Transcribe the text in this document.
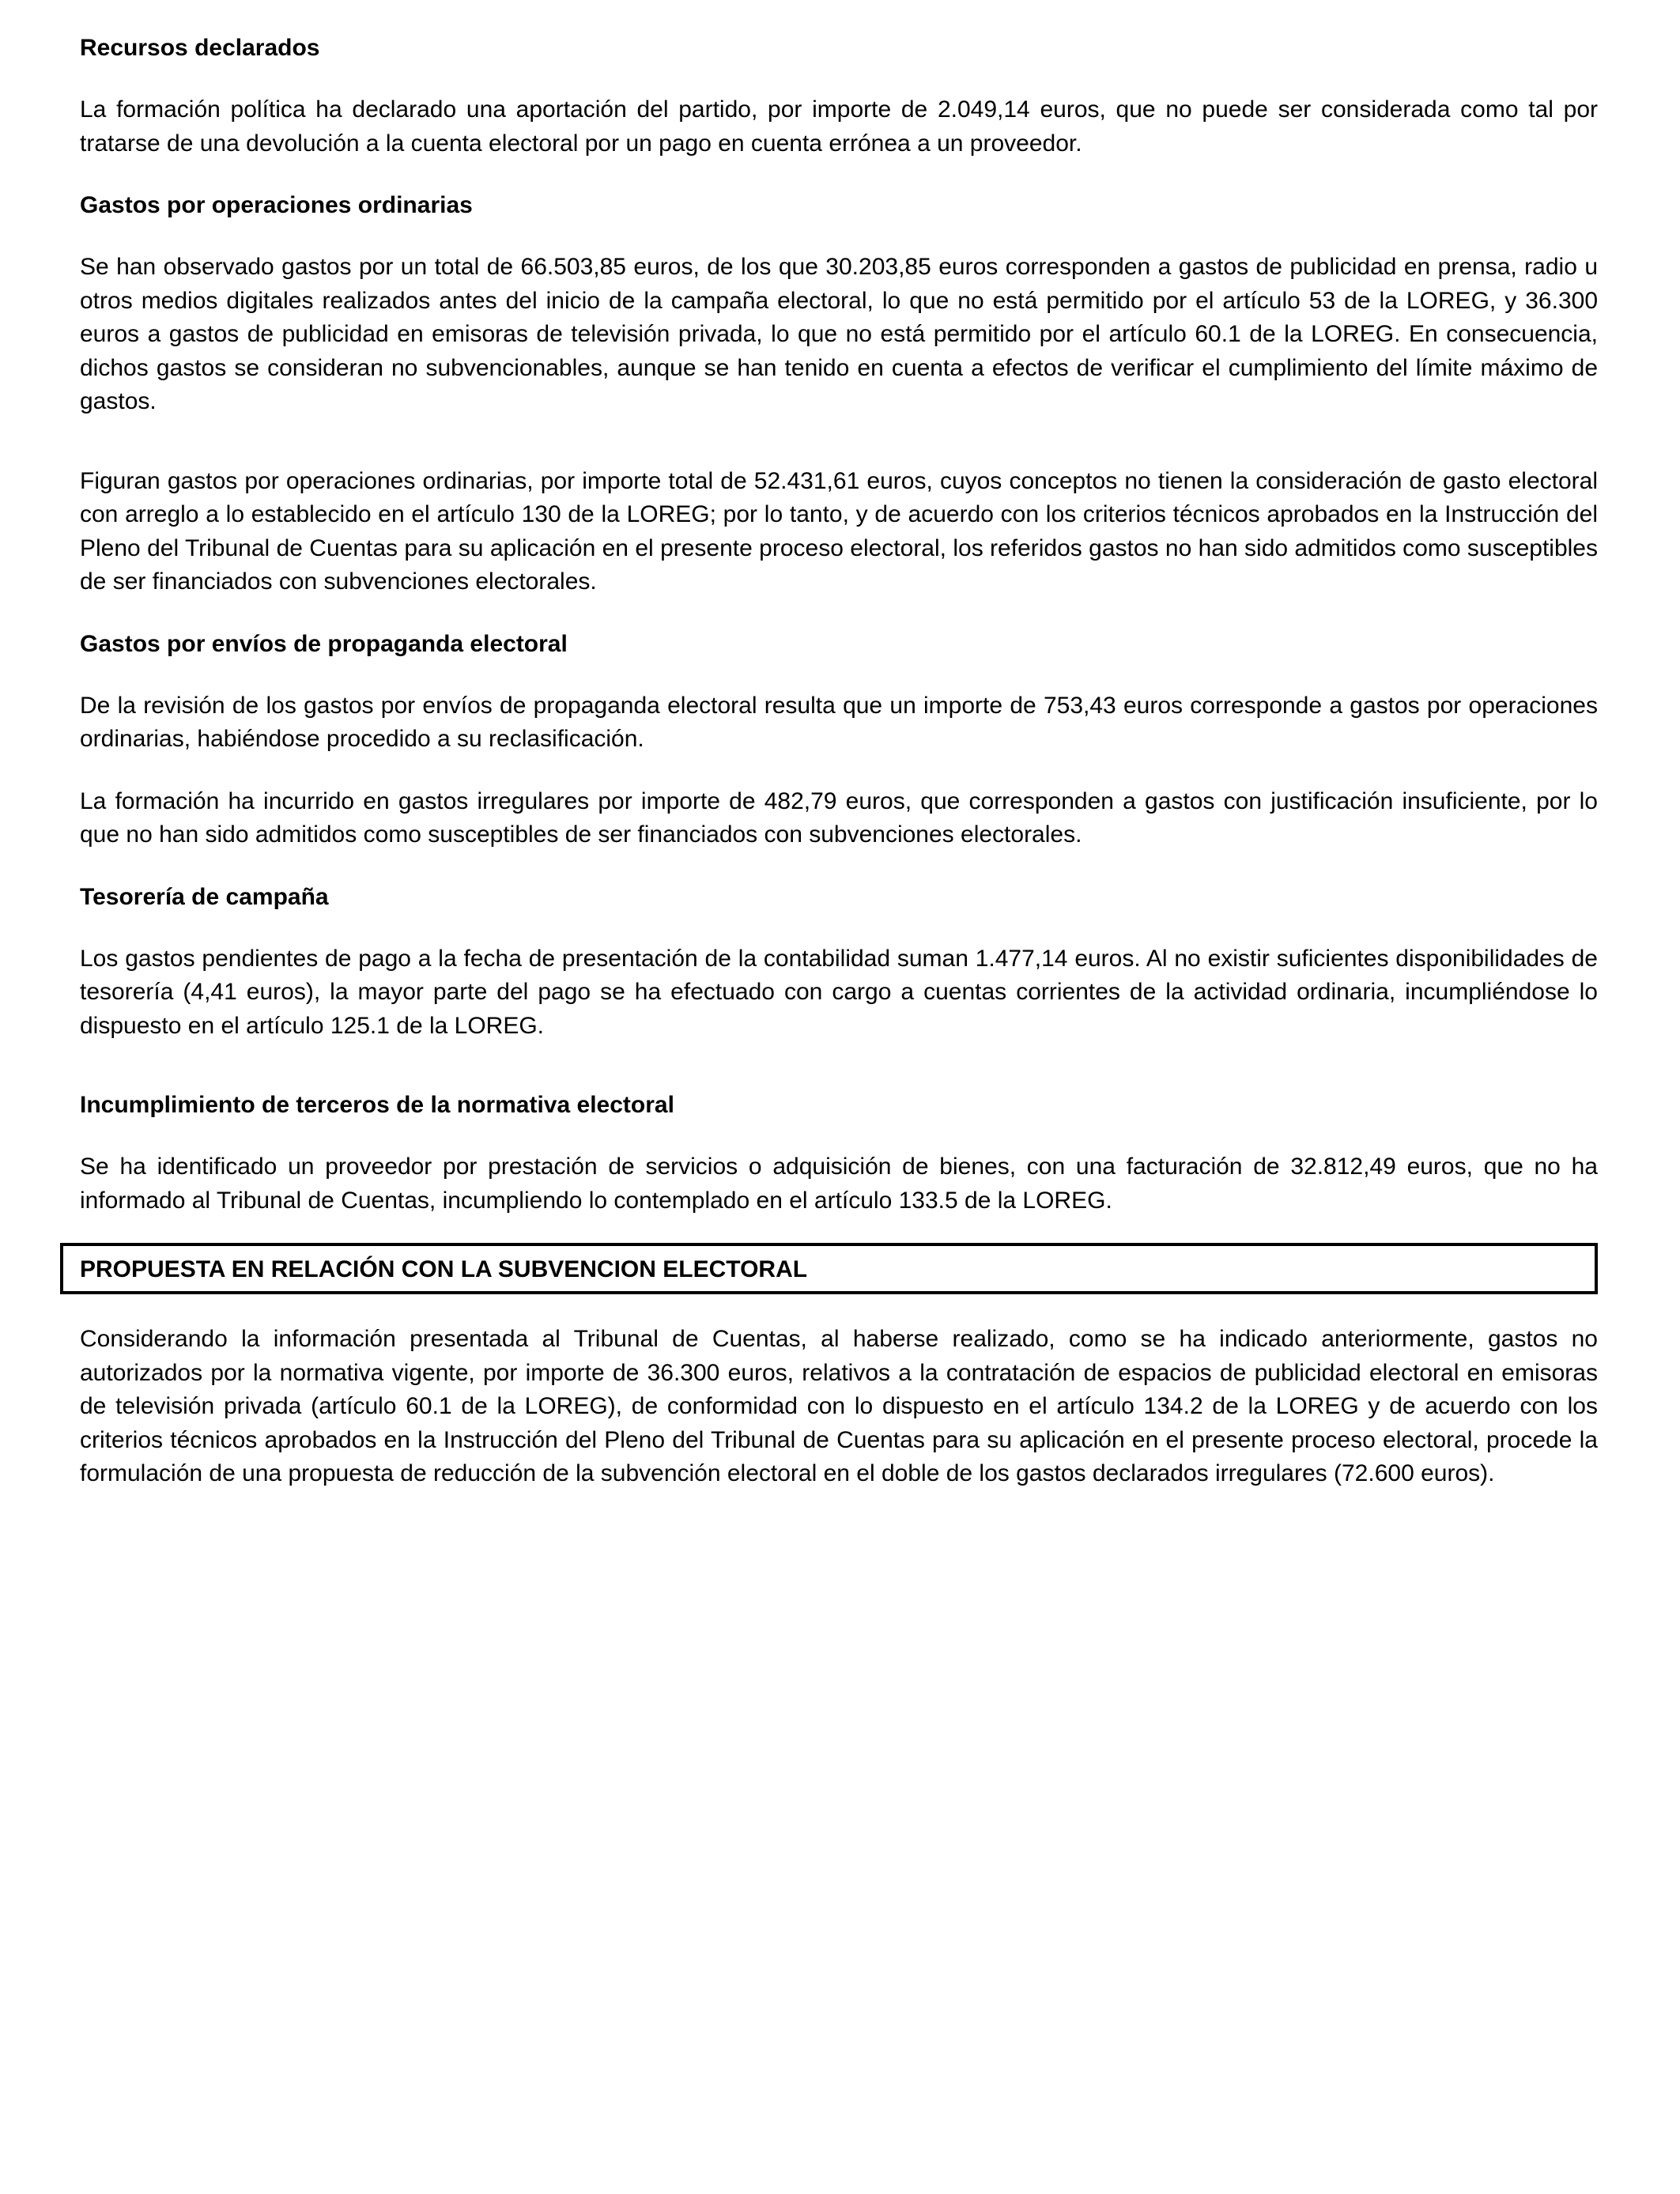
Recursos declarados
La formación política ha declarado una aportación del partido, por importe de 2.049,14 euros, que no puede ser considerada como tal por tratarse de una devolución a la cuenta electoral por un pago en cuenta errónea a un proveedor.
Gastos por operaciones ordinarias
Se han observado gastos por un total de 66.503,85 euros, de los que 30.203,85 euros corresponden a gastos de publicidad en prensa, radio u otros medios digitales realizados antes del inicio de la campaña electoral, lo que no está permitido por el artículo 53 de la LOREG, y 36.300 euros a gastos de publicidad en emisoras de televisión privada, lo que no está permitido por el artículo 60.1 de la LOREG. En consecuencia, dichos gastos se consideran no subvencionables, aunque se han tenido en cuenta a efectos de verificar el cumplimiento del límite máximo de gastos.
Figuran gastos por operaciones ordinarias, por importe total de 52.431,61 euros, cuyos conceptos no tienen la consideración de gasto electoral con arreglo a lo establecido en el artículo 130 de la LOREG; por lo tanto, y de acuerdo con los criterios técnicos aprobados en la Instrucción del Pleno del Tribunal de Cuentas para su aplicación en el presente proceso electoral, los referidos gastos no han sido admitidos como susceptibles de ser financiados con subvenciones electorales.
Gastos por envíos de propaganda electoral
De la revisión de los gastos por envíos de propaganda electoral resulta que un importe de 753,43 euros corresponde a gastos por operaciones ordinarias, habiéndose procedido a su reclasificación.
La formación ha incurrido en gastos irregulares por importe de 482,79 euros, que corresponden a gastos con justificación insuficiente, por lo que no han sido admitidos como susceptibles de ser financiados con subvenciones electorales.
Tesorería de campaña
Los gastos pendientes de pago a la fecha de presentación de la contabilidad suman 1.477,14 euros. Al no existir suficientes disponibilidades de tesorería (4,41 euros), la mayor parte del pago se ha efectuado con cargo a cuentas corrientes de la actividad ordinaria, incumpliéndose lo dispuesto en el artículo 125.1 de la LOREG.
Incumplimiento de terceros de la normativa electoral
Se ha identificado un proveedor por prestación de servicios o adquisición de bienes, con una facturación de 32.812,49 euros, que no ha informado al Tribunal de Cuentas, incumpliendo lo contemplado en el artículo 133.5 de la LOREG.
PROPUESTA EN RELACIÓN CON LA SUBVENCION ELECTORAL
Considerando la información presentada al Tribunal de Cuentas, al haberse realizado, como se ha indicado anteriormente, gastos no autorizados por la normativa vigente, por importe de 36.300 euros, relativos a la contratación de espacios de publicidad electoral en emisoras de televisión privada (artículo 60.1 de la LOREG), de conformidad con lo dispuesto en el artículo 134.2 de la LOREG y de acuerdo con los criterios técnicos aprobados en la Instrucción del Pleno del Tribunal de Cuentas para su aplicación en el presente proceso electoral, procede la formulación de una propuesta de reducción de la subvención electoral en el doble de los gastos declarados irregulares (72.600 euros).
